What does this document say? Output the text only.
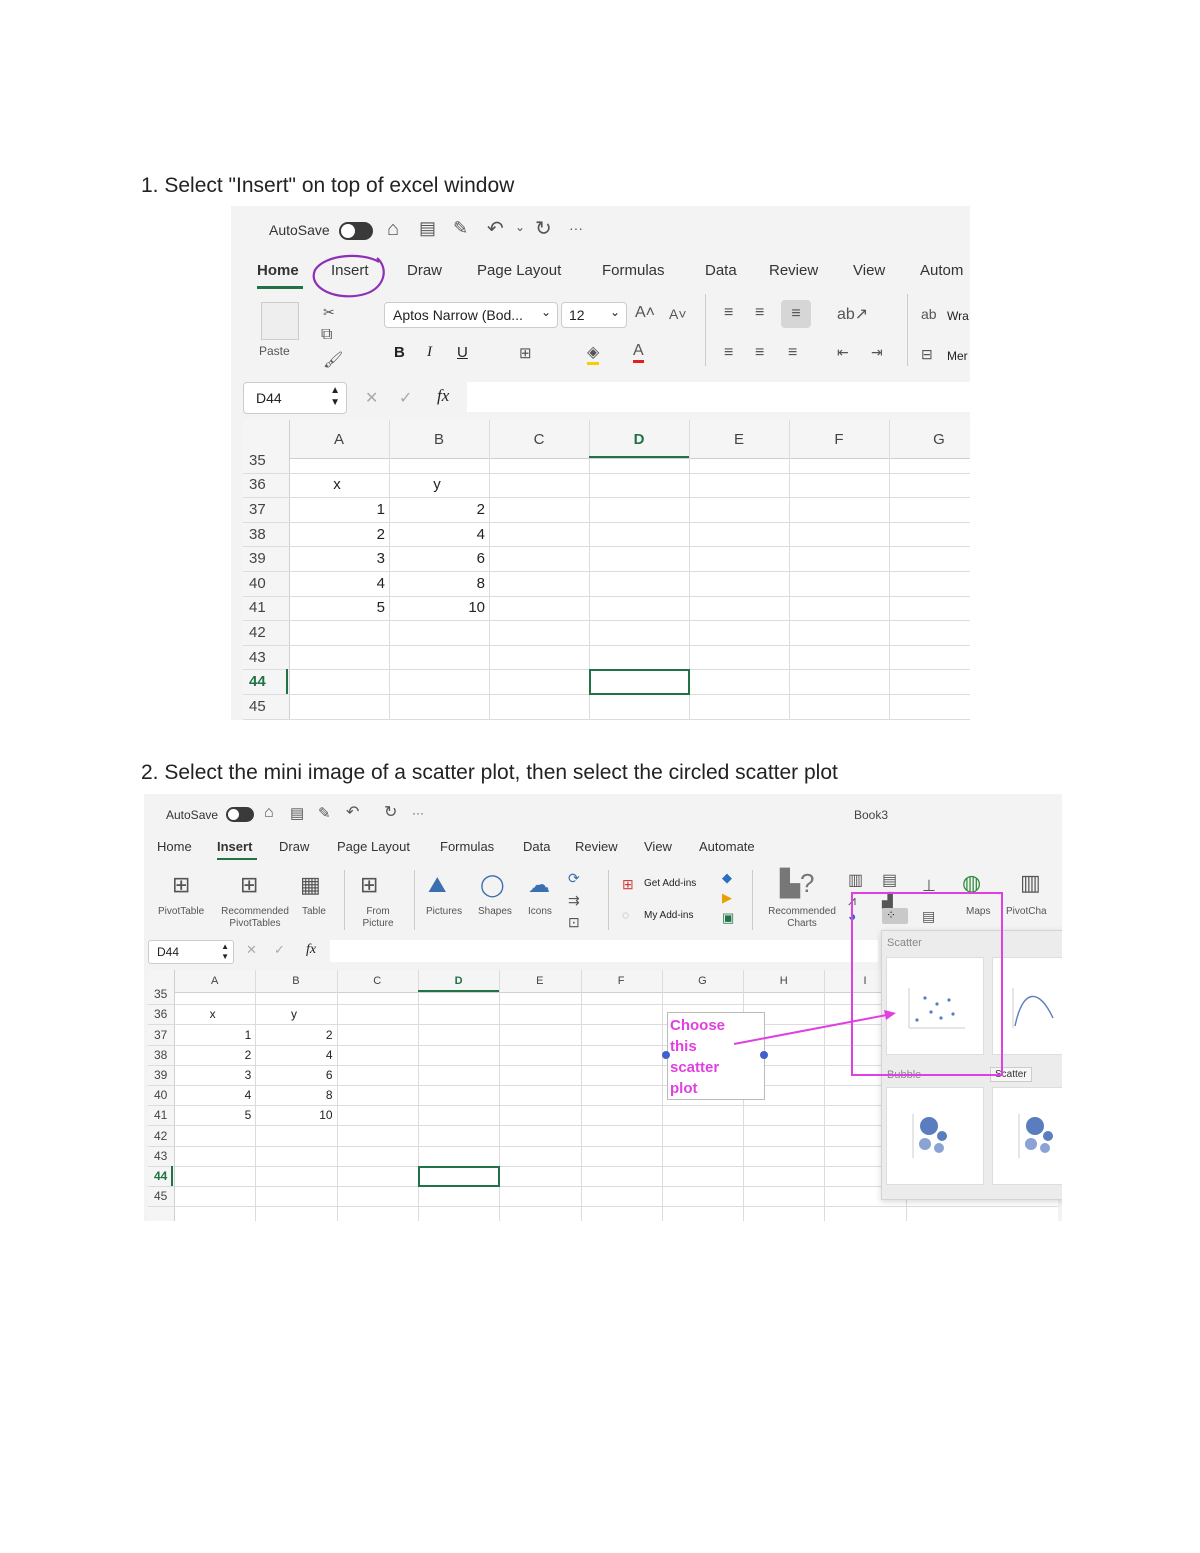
1. Select "Insert" on top of excel window
AutoSave	⌂ ▤ ✎ ↶ ⌄ ↻ ···
Home Insert	Draw Page Layout	Formulas	Data Review View Autom
Paste
✂
⧉
🖌
Aptos Narrow (Bod... ⌄ 12 ⌄ A˄ A˅
B I U	⊞	◈ A
≡ ≡	≡	ab↗
≡ ≡ ≡	⇤ ⇥
ab Wra
⊟ Mer
D44	▲
▼ ✕ ✓ fx
A	B	C	D	E	F	G
35
36
37
38
39
40
41
42
43
44
45
x	y
1
2
3
4
5
2
4
6
8
10
2. Select the mini image of a scatter plot, then select the circled scatter plot
AutoSave	⌂ ▤ ✎ ↶ ↻ ···	Book3
Home Insert Draw Page Layout Formulas Data Review View Automate
⊞
PivotTable
⊞
Recommended PivotTables
▦
Table
⊞
From Picture
⛰
Pictures
◯
Shapes
☁
Icons
⟳
⇉
⊡
⊞ Get Add-ins
◌ My Add-ins
◆
▶
▣
▙?
Recommended Charts
▥ ▤
⩘ ▟
◕ ⁘ ▤
⊥ ◍
Maps
▥
PivotCha
D44	▲
▼ ✕ ✓ fx
A	B	C	D	E	F	G	H	I
35
36
37
38
39
40
41
42
43
44
45
x	y
1
2
3
4
5
2
4
6
8
10
Choose
this
scatter
plot
Scatter
Bubble	Scatter
